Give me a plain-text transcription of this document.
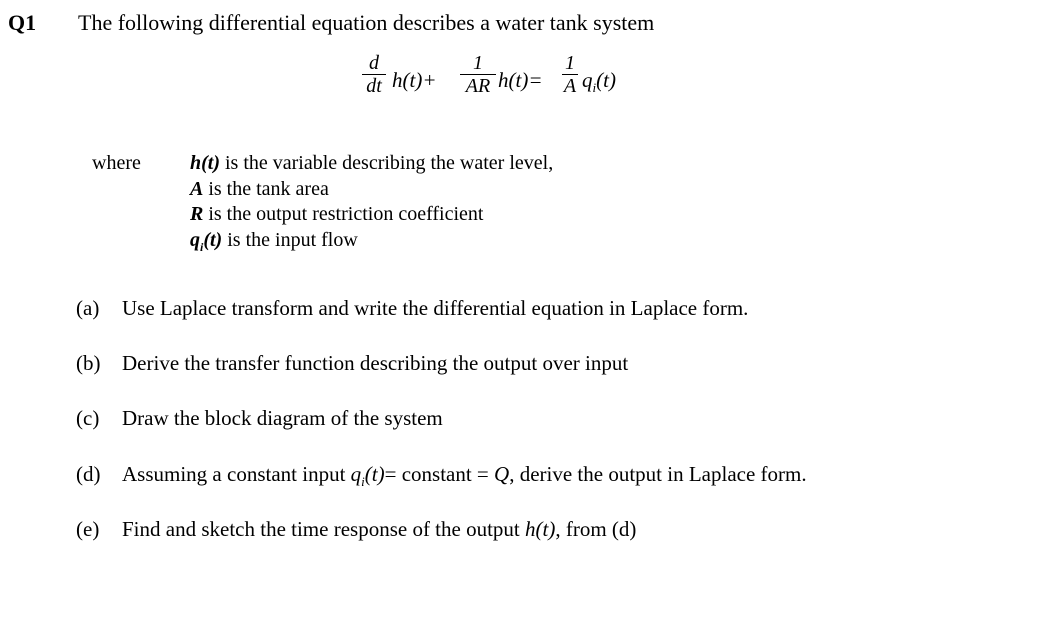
Q1 The following differential equation describes a water tank system
d
dt h(t)+
1
AR h(t)=
1
A $q_i(t)$
where h(t) is the variable describing the water level,
A is the tank area
R is the output restriction coefficient
$q_i(t)$ is the input flow
(a) Use Laplace transform and write the differential equation in Laplace form.
(b) Derive the transfer function describing the output over input
(c) Draw the block diagram of the system
(d) Assuming a constant input $q_i(t)=$ constant = Q, derive the output in Laplace form.
(e) Find and sketch the time response of the output h(t), from (d)
